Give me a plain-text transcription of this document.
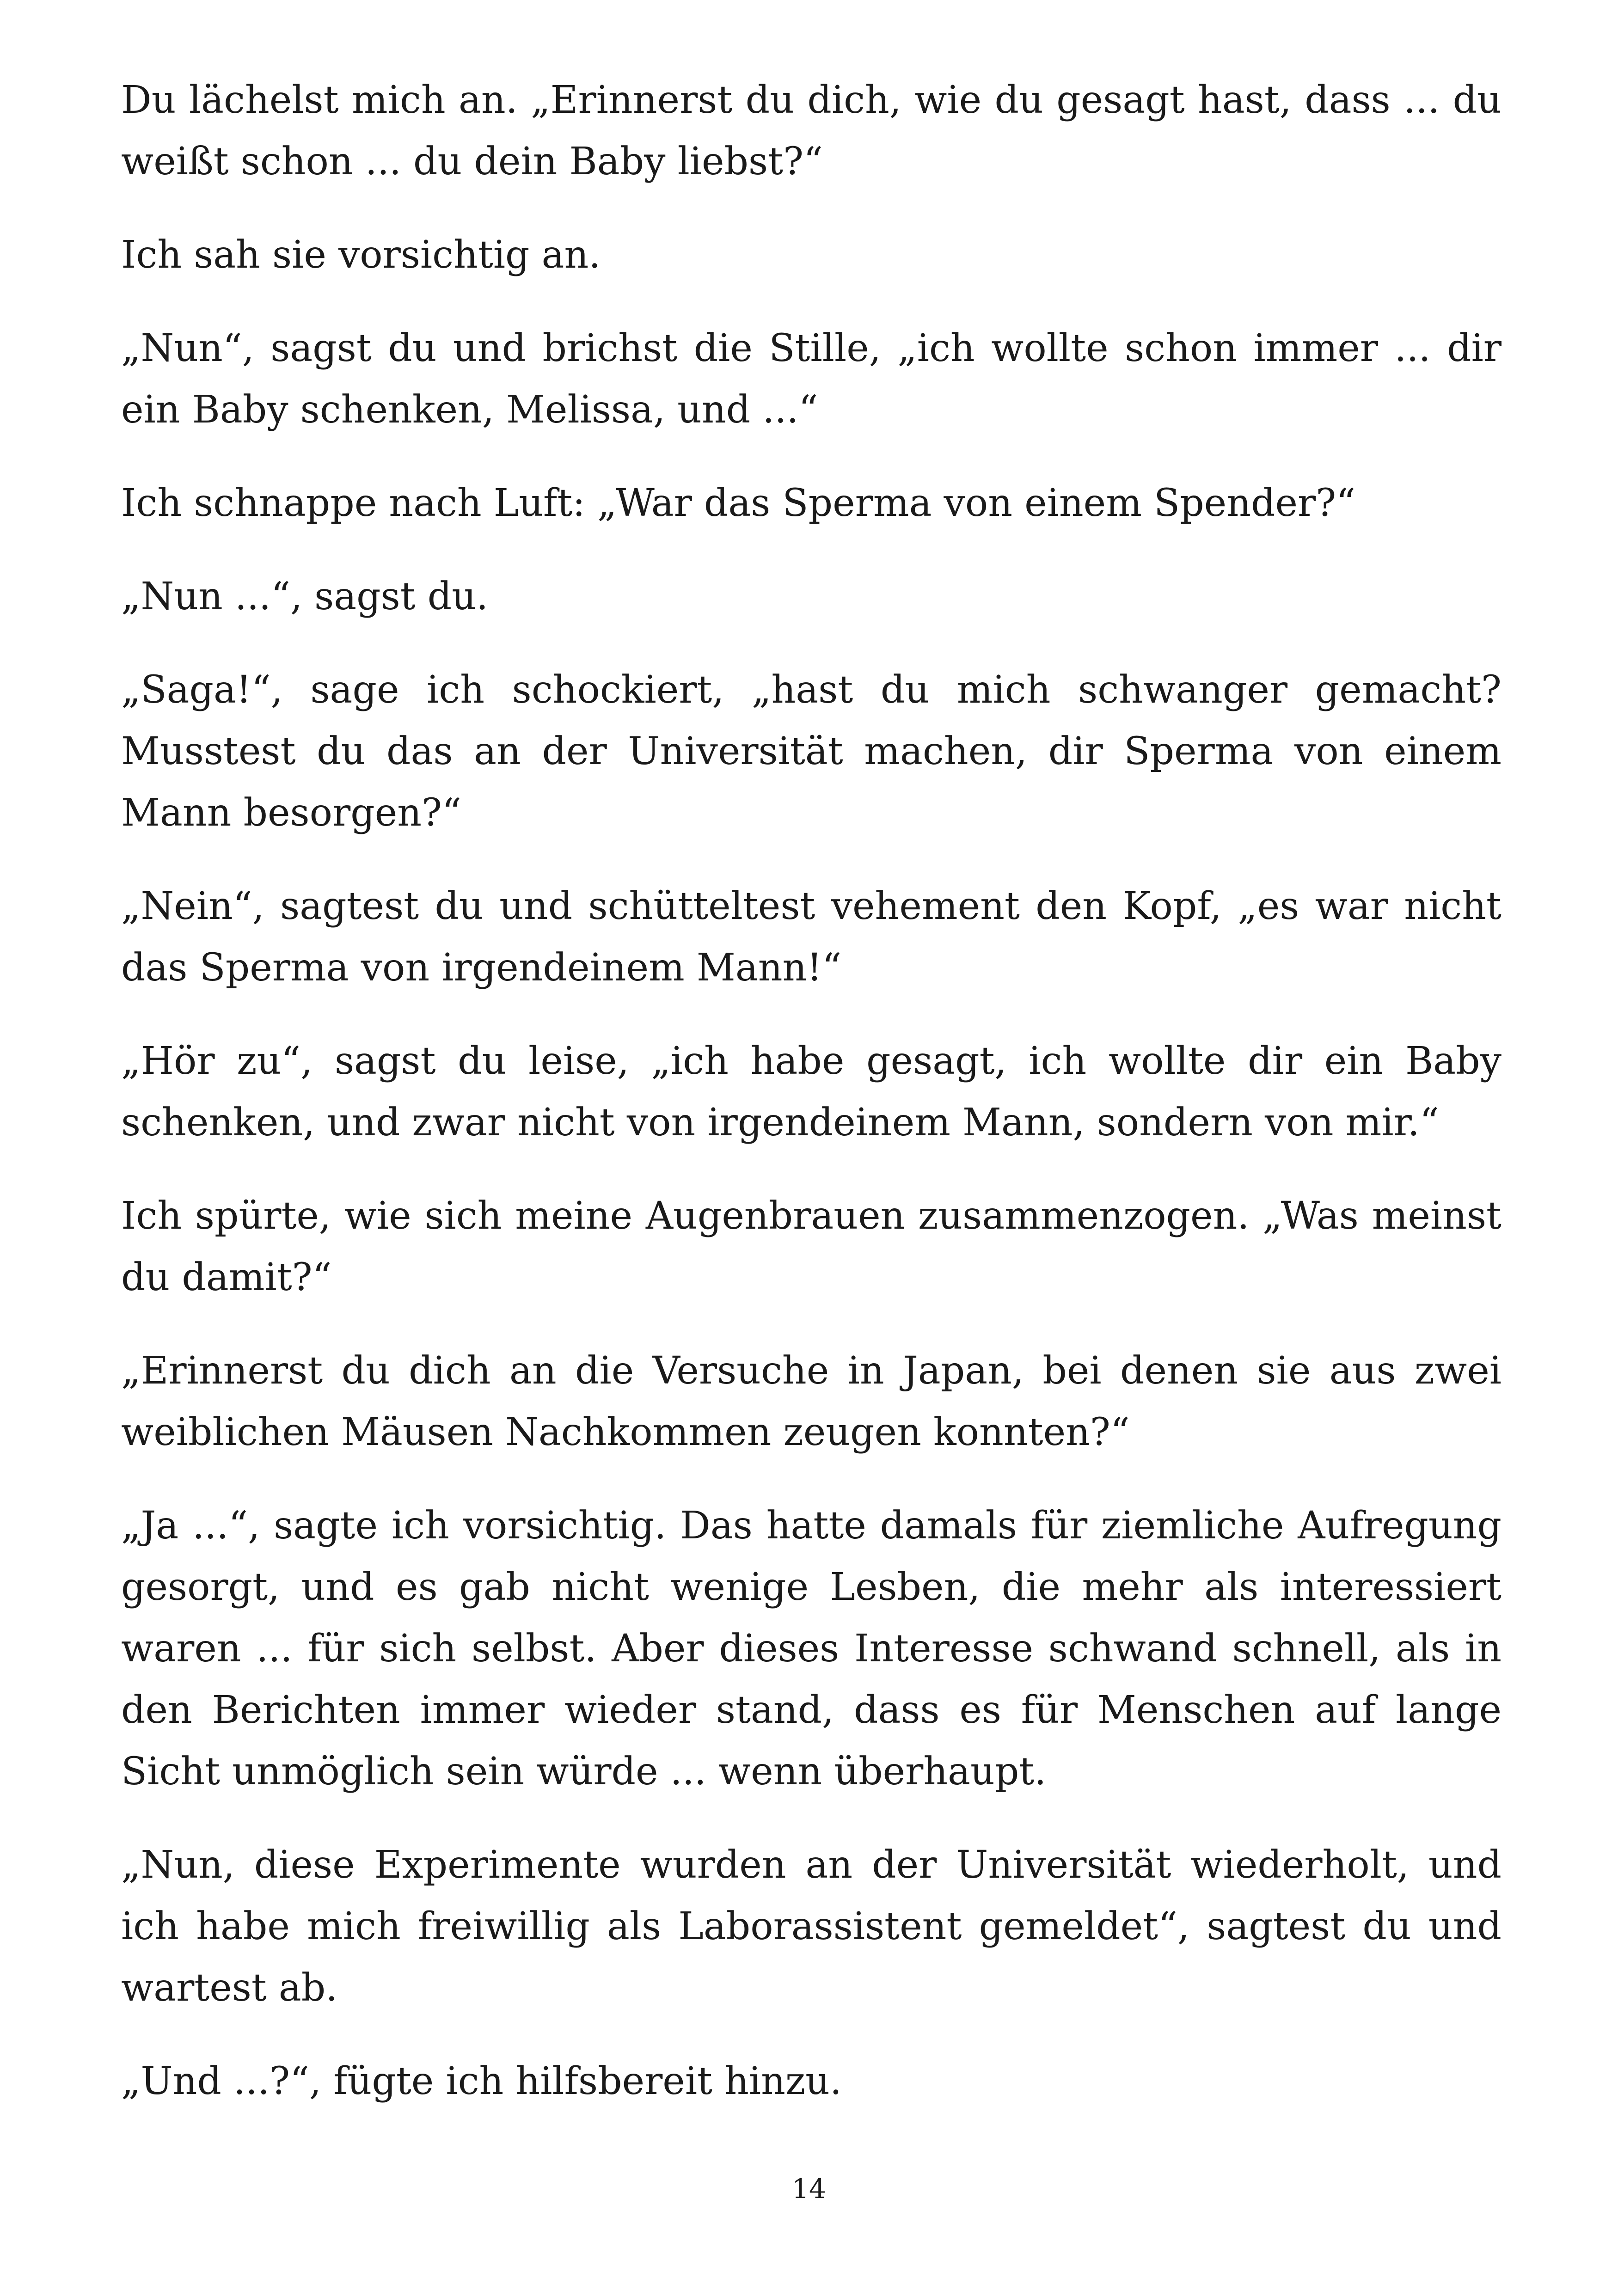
Du lächelst mich an. „Erinnerst du dich, wie du gesagt hast, dass ... du weißt schon ... du dein Baby liebst?“

Ich sah sie vorsichtig an.

„Nun“, sagst du und brichst die Stille, „ich wollte schon immer ... dir ein Baby schenken, Melissa, und ...“

Ich schnappe nach Luft: „War das Sperma von einem Spender?“

„Nun ...“, sagst du.

„Saga!“, sage ich schockiert, „hast du mich schwanger gemacht? Musstest du das an der Universität machen, dir Sperma von einem Mann besorgen?“

„Nein“, sagtest du und schütteltest vehement den Kopf, „es war nicht das Sperma von irgendeinem Mann!“

„Hör zu“, sagst du leise, „ich habe gesagt, ich wollte dir ein Baby schenken, und zwar nicht von irgendeinem Mann, sondern von mir.“

Ich spürte, wie sich meine Augenbrauen zusammenzogen. „Was meinst du damit?“

„Erinnerst du dich an die Versuche in Japan, bei denen sie aus zwei weiblichen Mäusen Nachkommen zeugen konnten?“

„Ja ...“, sagte ich vorsichtig. Das hatte damals für ziemliche Aufregung gesorgt, und es gab nicht wenige Lesben, die mehr als interessiert waren ... für sich selbst. Aber dieses Interesse schwand schnell, als in den Berichten immer wieder stand, dass es für Menschen auf lange Sicht unmöglich sein würde ... wenn überhaupt.

„Nun, diese Experimente wurden an der Universität wiederholt, und ich habe mich freiwillig als Laborassistent gemeldet“, sagtest du und wartest ab.

„Und ...?“, fügte ich hilfsbereit hinzu.

14
